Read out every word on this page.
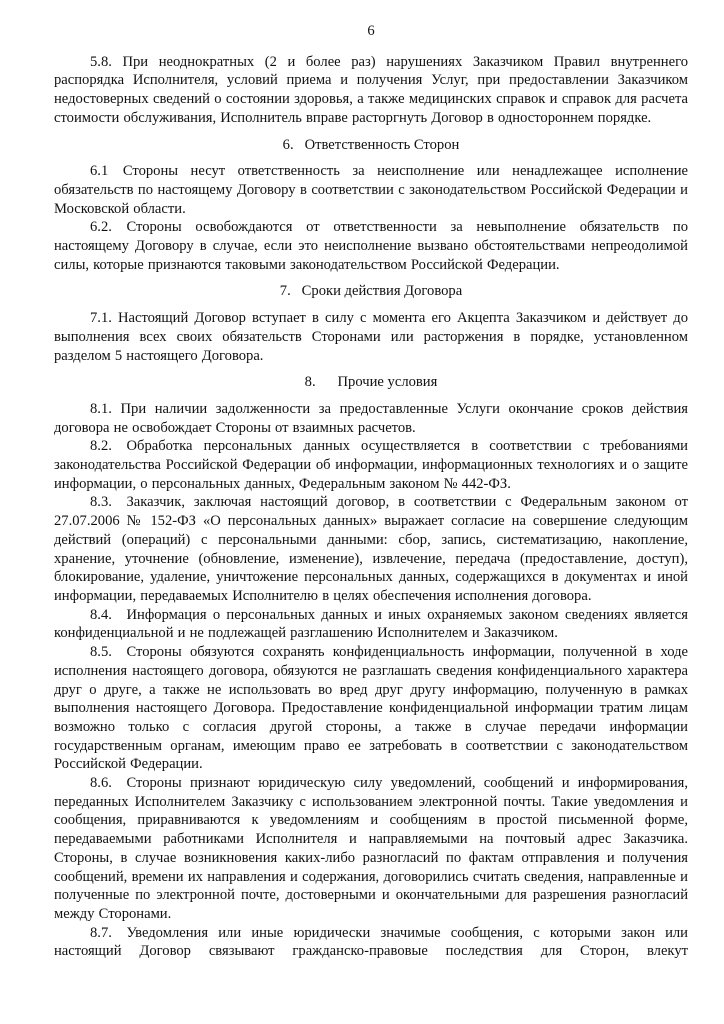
6

5.8. При неоднократных (2 и более раз) нарушениях Заказчиком Правил внутреннего распорядка Исполнителя, условий приема и получения Услуг, при предоставлении Заказчиком недостоверных сведений о состоянии здоровья, а также медицинских справок и справок для расчета стоимости обслуживания, Исполнитель вправе расторгнуть Договор в одностороннем порядке.

6.  Ответственность Сторон

6.1 Стороны несут ответственность за неисполнение или ненадлежащее исполнение обязательств по настоящему Договору в соответствии с законодательством Российской Федерации и Московской области.

6.2. Стороны освобождаются от ответственности за невыполнение обязательств по настоящему Договору в случае, если это неисполнение вызвано обстоятельствами непреодолимой силы, которые признаются таковыми законодательством Российской Федерации.

7.  Сроки действия Договора

7.1. Настоящий Договор вступает в силу с момента его Акцепта Заказчиком и действует до выполнения всех своих обязательств Сторонами или расторжения в порядке, установленном разделом 5 настоящего Договора.

8.  Прочие условия

8.1. При наличии задолженности за предоставленные Услуги окончание сроков действия договора не освобождает Стороны от взаимных расчетов.

8.2. Обработка персональных данных осуществляется в соответствии с требованиями законодательства Российской Федерации об информации, информационных технологиях и о защите информации, о персональных данных, Федеральным законом № 442-ФЗ.

8.3. Заказчик, заключая настоящий договор, в соответствии с Федеральным законом от 27.07.2006 № 152-ФЗ «О персональных данных» выражает согласие на совершение следующим действий (операций) с персональными данными: сбор, запись, систематизацию, накопление, хранение, уточнение (обновление, изменение), извлечение, передача (предоставление, доступ), блокирование, удаление, уничтожение персональных данных, содержащихся в документах и иной информации, передаваемых Исполнителю в целях обеспечения исполнения договора.

8.4. Информация о персональных данных и иных охраняемых законом сведениях является конфиденциальной и не подлежащей разглашению Исполнителем и Заказчиком.

8.5. Стороны обязуются сохранять конфиденциальность информации, полученной в ходе исполнения настоящего договора, обязуются не разглашать сведения конфиденциального характера друг о друге, а также не использовать во вред друг другу информацию, полученную в рамках выполнения настоящего Договора. Предоставление конфиденциальной информации тратим лицам возможно только с согласия другой стороны, а также в случае передачи информации государственным органам, имеющим право ее затребовать в соответствии с законодательством Российской Федерации.

8.6. Стороны признают юридическую силу уведомлений, сообщений и информирования, переданных Исполнителем Заказчику с использованием электронной почты. Такие уведомления и сообщения, приравниваются к уведомлениям и сообщениям в простой письменной форме, передаваемыми работниками Исполнителя и направляемыми на почтовый адрес Заказчика. Стороны, в случае возникновения каких-либо разногласий по фактам отправления и получения сообщений, времени их направления и содержания, договорились считать сведения, направленные и полученные по электронной почте, достоверными и окончательными для разрешения разногласий между Сторонами.

8.7. Уведомления или иные юридически значимые сообщения, с которыми закон или настоящий Договор связывают гражданско-правовые последствия для Сторон, влекут
